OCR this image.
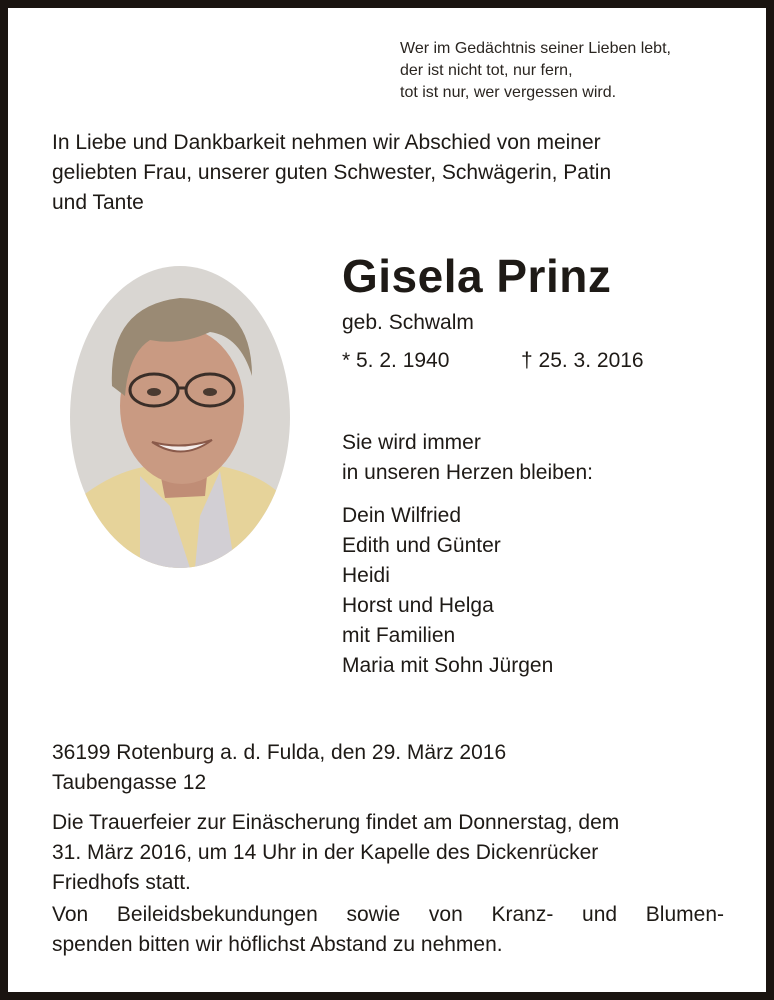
Wer im Gedächtnis seiner Lieben lebt,
der ist nicht tot, nur fern,
tot ist nur, wer vergessen wird.
In Liebe und Dankbarkeit nehmen wir Abschied von meiner
geliebten Frau, unserer guten Schwester, Schwägerin, Patin
und Tante
Gisela Prinz
geb. Schwalm
* 5. 2. 1940	† 25. 3. 2016
Sie wird immer
in unseren Herzen bleiben:
Dein Wilfried
Edith und Günter
Heidi
Horst und Helga
mit Familien
Maria mit Sohn Jürgen
36199 Rotenburg a. d. Fulda, den 29. März 2016
Taubengasse 12
Die Trauerfeier zur Einäscherung findet am Donnerstag, dem
31. März 2016, um 14 Uhr in der Kapelle des Dickenrücker
Friedhofs statt.
Von Beileidsbekundungen sowie von Kranz- und Blumen-
spenden bitten wir höflichst Abstand zu nehmen.
